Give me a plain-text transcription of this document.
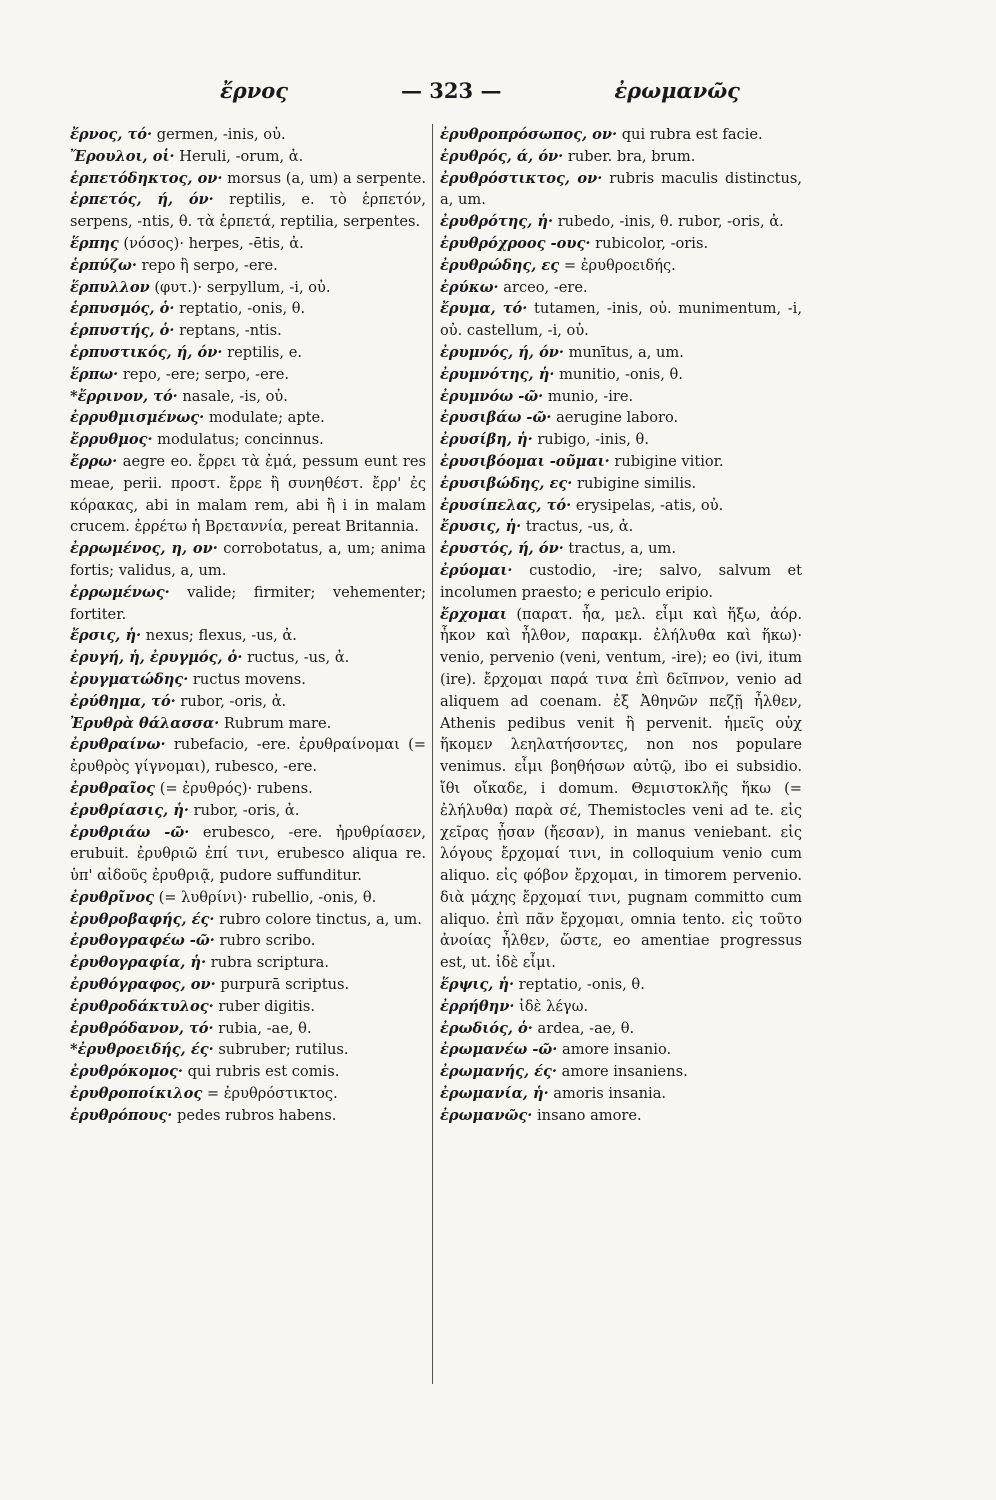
ἔρνος	— 323 —	ἐρωμανῶς

ἔρνος, τό· germen, -inis, οὐ.

Ἔρουλοι, οἱ· Heruli, -orum, ἀ.

ἑρπετόδηκτος, ον· morsus (a, um) a serpente.

ἑρπετός, ή, όν· reptilis, e. τὸ ἑρπετόν, serpens, -ntis, θ. τὰ ἑρπετά, reptilia, serpentes.

ἕρπης (νόσος)· herpes, -ētis, ἀ.

ἑρπύζω· repo ἢ serpo, -ere.

ἕρπυλλον (φυτ.)· serpyllum, -i, οὐ.

ἑρπυσμός, ὁ· reptatio, -onis, θ.

ἑρπυστής, ὁ· reptans, -ntis.

ἑρπυστικός, ή, όν· reptilis, e.

ἕρπω· repo, -ere; serpo, -ere.

*ἔρρινον, τό· nasale, -is, οὐ.

ἐρρυθμισμένως· modulate; apte.

ἔρρυθμος· modulatus; concinnus.

ἔρρω· aegre eo. ἔρρει τὰ ἐμά, pessum eunt res meae, perii. προστ. ἔρρε ἢ συνηθέστ. ἔρρ' ἐς κόρακας, abi in malam rem, abi ἢ i in malam crucem. ἐρρέτω ἡ Βρεταννία, pereat Britannia.

ἐρρωμένος, η, ον· corrobotatus, a, um; anima fortis; validus, a, um.

ἐρρωμένως· valide; firmiter; vehementer; fortiter.

ἔρσις, ἡ· nexus; flexus, -us, ἀ.

ἐρυγή, ἡ, ἐρυγμός, ὁ· ructus, -us, ἀ.

ἐρυγματώδης· ructus movens.

ἐρύθημα, τό· rubor, -oris, ἀ.

Ἐρυθρὰ θάλασσα· Rubrum mare.

ἐρυθραίνω· rubefacio, -ere. ἐρυθραίνομαι (= ἐρυθρὸς γίγνομαι), rubesco, -ere.

ἐρυθραῖος (= ἐρυθρός)· rubens.

ἐρυθρίασις, ἡ· rubor, -oris, ἀ.

ἐρυθριάω -ῶ· erubesco, -ere. ἠρυθρίασεν, erubuit. ἐρυθριῶ ἐπί τινι, erubesco aliqua re. ὑπ' αἰδοῦς ἐρυθριᾷ, pudore suffunditur.

ἐρυθρῖνος (= λυθρίνι)· rubellio, -onis, θ.

ἐρυθροβαφής, ές· rubro colore tinctus, a, um.

ἐρυθογραφέω -ῶ· rubro scribo.

ἐρυθογραφία, ἡ· rubra scriptura.

ἐρυθόγραφος, ον· purpurā scriptus.

ἐρυθροδάκτυλος· ruber digitis.

ἐρυθρόδανον, τό· rubia, -ae, θ.

*ἐρυθροειδής, ές· subruber; rutilus.

ἐρυθρόκομος· qui rubris est comis.

ἐρυθροποίκιλος = ἐρυθρόστικτος.

ἐρυθρόπους· pedes rubros habens.

ἐρυθροπρόσωπος, ον· qui rubra est facie.

ἐρυθρός, ά, όν· ruber. bra, brum.

ἐρυθρόστικτος, ον· rubris maculis distinctus, a, um.

ἐρυθρότης, ἡ· rubedo, -inis, θ. rubor, -oris, ἀ.

ἐρυθρόχροος -ους· rubicolor, -oris.

ἐρυθρώδης, ες = ἐρυθροειδής.

ἐρύκω· arceo, -ere.

ἔρυμα, τό· tutamen, -inis, οὐ. munimentum, -i, οὐ. castellum, -i, οὐ.

ἐρυμνός, ή, όν· munītus, a, um.

ἐρυμνότης, ἡ· munitio, -onis, θ.

ἐρυμνόω -ῶ· munio, -ire.

ἐρυσιβάω -ῶ· aerugine laboro.

ἐρυσίβη, ἡ· rubigo, -inis, θ.

ἐρυσιβόομαι -οῦμαι· rubigine vitior.

ἐρυσιβώδης, ες· rubigine similis.

ἐρυσίπελας, τό· erysipelas, -atis, οὐ.

ἔρυσις, ἡ· tractus, -us, ἀ.

ἐρυστός, ή, όν· tractus, a, um.

ἐρύομαι· custodio, -ire; salvo, salvum et incolumen praesto; e periculo eripio.

ἔρχομαι (παρατ. ἦα, μελ. εἶμι καὶ ἥξω, ἀόρ. ἦκον καὶ ἦλθον, παρακμ. ἐλήλυθα καὶ ἥκω)· venio, pervenio (veni, ventum, -ire); eo (ivi, itum (ire). ἔρχομαι παρά τινα ἐπὶ δεῖπνον, venio ad aliquem ad coenam. ἐξ Ἀθηνῶν πεζῇ ἦλθεν, Athenis pedibus venit ἢ pervenit. ἡμεῖς οὐχ ἥκομεν λεηλατήσοντες, non nos populare venimus. εἶμι βοηθήσων αὐτῷ, ibo ei subsidio. ἴθι οἴκαδε, i domum. Θεμιστοκλῆς ἥκω (= ἐλήλυθα) παρὰ σέ, Themistocles veni ad te. εἰς χεῖρας ᾖσαν (ἤεσαν), in manus veniebant. εἰς λόγους ἔρχομαί τινι, in colloquium venio cum aliquo. εἰς φόβον ἔρχομαι, in timorem pervenio. διὰ μάχης ἔρχομαί τινι, pugnam committo cum aliquo. ἐπὶ πᾶν ἔρχομαι, omnia tento. εἰς τοῦτο ἀνοίας ἦλθεν, ὥστε, eo amentiae progressus est, ut. ἰδὲ εἶμι.

ἕρψις, ἡ· reptatio, -onis, θ.

ἐρρήθην· ἰδὲ λέγω.

ἐρωδιός, ὁ· ardea, -ae, θ.

ἐρωμανέω -ῶ· amore insanio.

ἐρωμανής, ές· amore insaniens.

ἐρωμανία, ἡ· amoris insania.

ἐρωμανῶς· insano amore.
